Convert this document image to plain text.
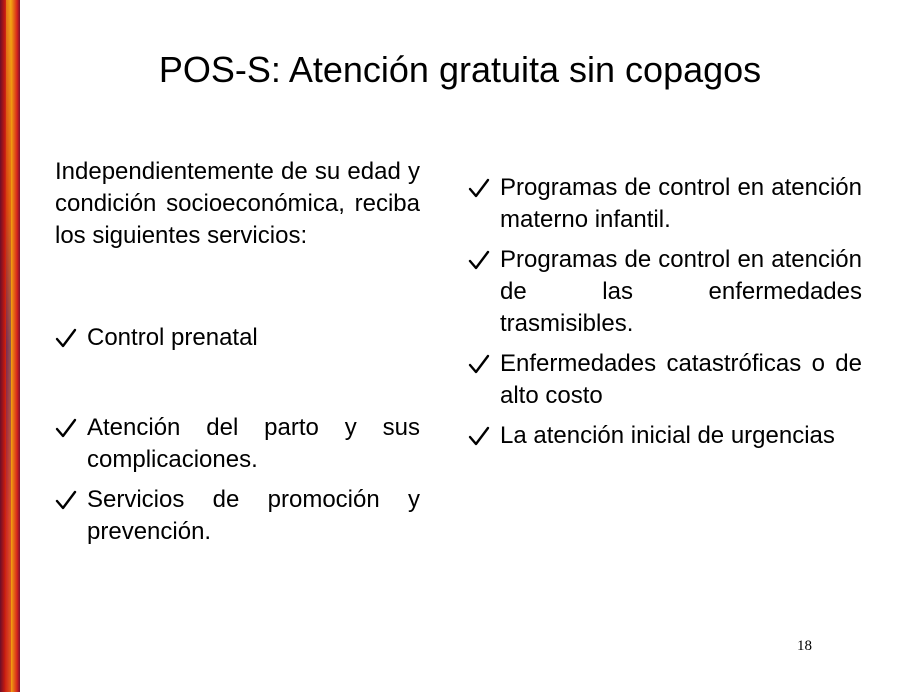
POS-S: Atención gratuita sin copagos

Independientemente de su edad y condición socioeconómica, reciba los siguientes servicios:

Control prenatal
Atención del parto y sus complicaciones.
Servicios de promoción y prevención.
Programas de control en atención materno infantil.
Programas de control en atención de las enfermedades trasmisibles.
Enfermedades catastróficas o de alto costo
La atención inicial de urgencias
18
